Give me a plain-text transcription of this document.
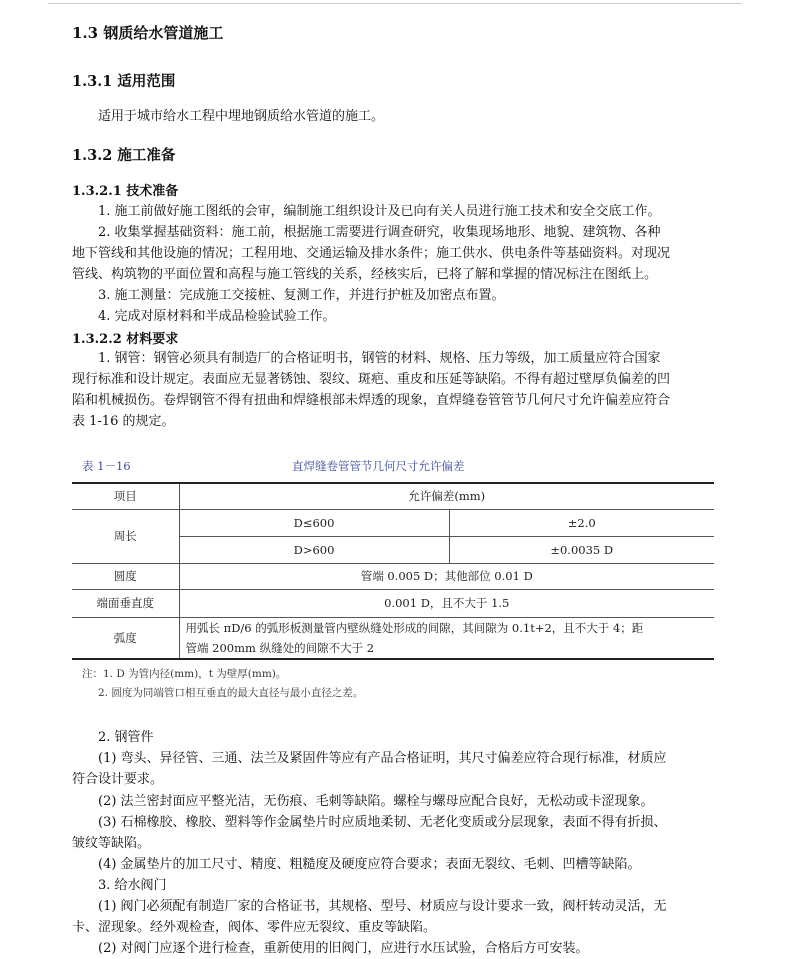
1.3 钢质给水管道施工
1.3.1 适用范围
适用于城市给水工程中埋地钢质给水管道的施工。
1.3.2 施工准备
1.3.2.1 技术准备
1. 施工前做好施工图纸的会审，编制施工组织设计及已向有关人员进行施工技术和安全交底工作。
2. 收集掌握基础资料：施工前，根据施工需要进行调查研究，收集现场地形、地貌、建筑物、各种
地下管线和其他设施的情况；工程用地、交通运输及排水条件；施工供水、供电条件等基础资料。对现况
管线、构筑物的平面位置和高程与施工管线的关系，经核实后，已将了解和掌握的情况标注在图纸上。
3. 施工测量：完成施工交接桩、复测工作，并进行护桩及加密点布置。
4. 完成对原材料和半成品检验试验工作。
1.3.2.2 材料要求
1. 钢管：钢管必须具有制造厂的合格证明书，钢管的材料、规格、压力等级，加工质量应符合国家
现行标准和设计规定。表面应无显著锈蚀、裂纹、斑疤、重皮和压延等缺陷。不得有超过壁厚负偏差的凹
陷和机械损伤。卷焊钢管不得有扭曲和焊缝根部未焊透的现象，直焊缝卷管管节几何尺寸允许偏差应符合
表 1-16 的规定。
表 1－16	直焊缝卷管管节几何尺寸允许偏差
项目	允许偏差(mm)	
周长	D≤600	±2.0
	D>600	±0.0035 D
圆度	管端 0.005 D；其他部位 0.01 D	
端面垂直度	0.001 D，且不大于 1.5	
弧度	用弧长 πD/6 的弧形板测量管内壁纵缝处形成的间隙，其间隙为 0.1t+2，且不大于 4；距
管端 200mm 纵缝处的间隙不大于 2	
注：1. D 为管内径(mm)，t 为壁厚(mm)。
2. 圆度为同端管口相互垂直的最大直径与最小直径之差。
2. 钢管件
(1) 弯头、异径管、三通、法兰及紧固件等应有产品合格证明，其尺寸偏差应符合现行标准，材质应
符合设计要求。
(2) 法兰密封面应平整光洁，无伤痕、毛刺等缺陷。螺栓与螺母应配合良好，无松动或卡涩现象。
(3) 石棉橡胶、橡胶、塑料等作金属垫片时应质地柔韧、无老化变质或分层现象，表面不得有折损、
皱纹等缺陷。
(4) 金属垫片的加工尺寸、精度、粗糙度及硬度应符合要求；表面无裂纹、毛刺、凹槽等缺陷。
3. 给水阀门
(1) 阀门必须配有制造厂家的合格证书，其规格、型号、材质应与设计要求一致，阀杆转动灵活，无
卡、涩现象。经外观检查，阀体、零件应无裂纹、重皮等缺陷。
(2) 对阀门应逐个进行检查，重新使用的旧阀门，应进行水压试验，合格后方可安装。
